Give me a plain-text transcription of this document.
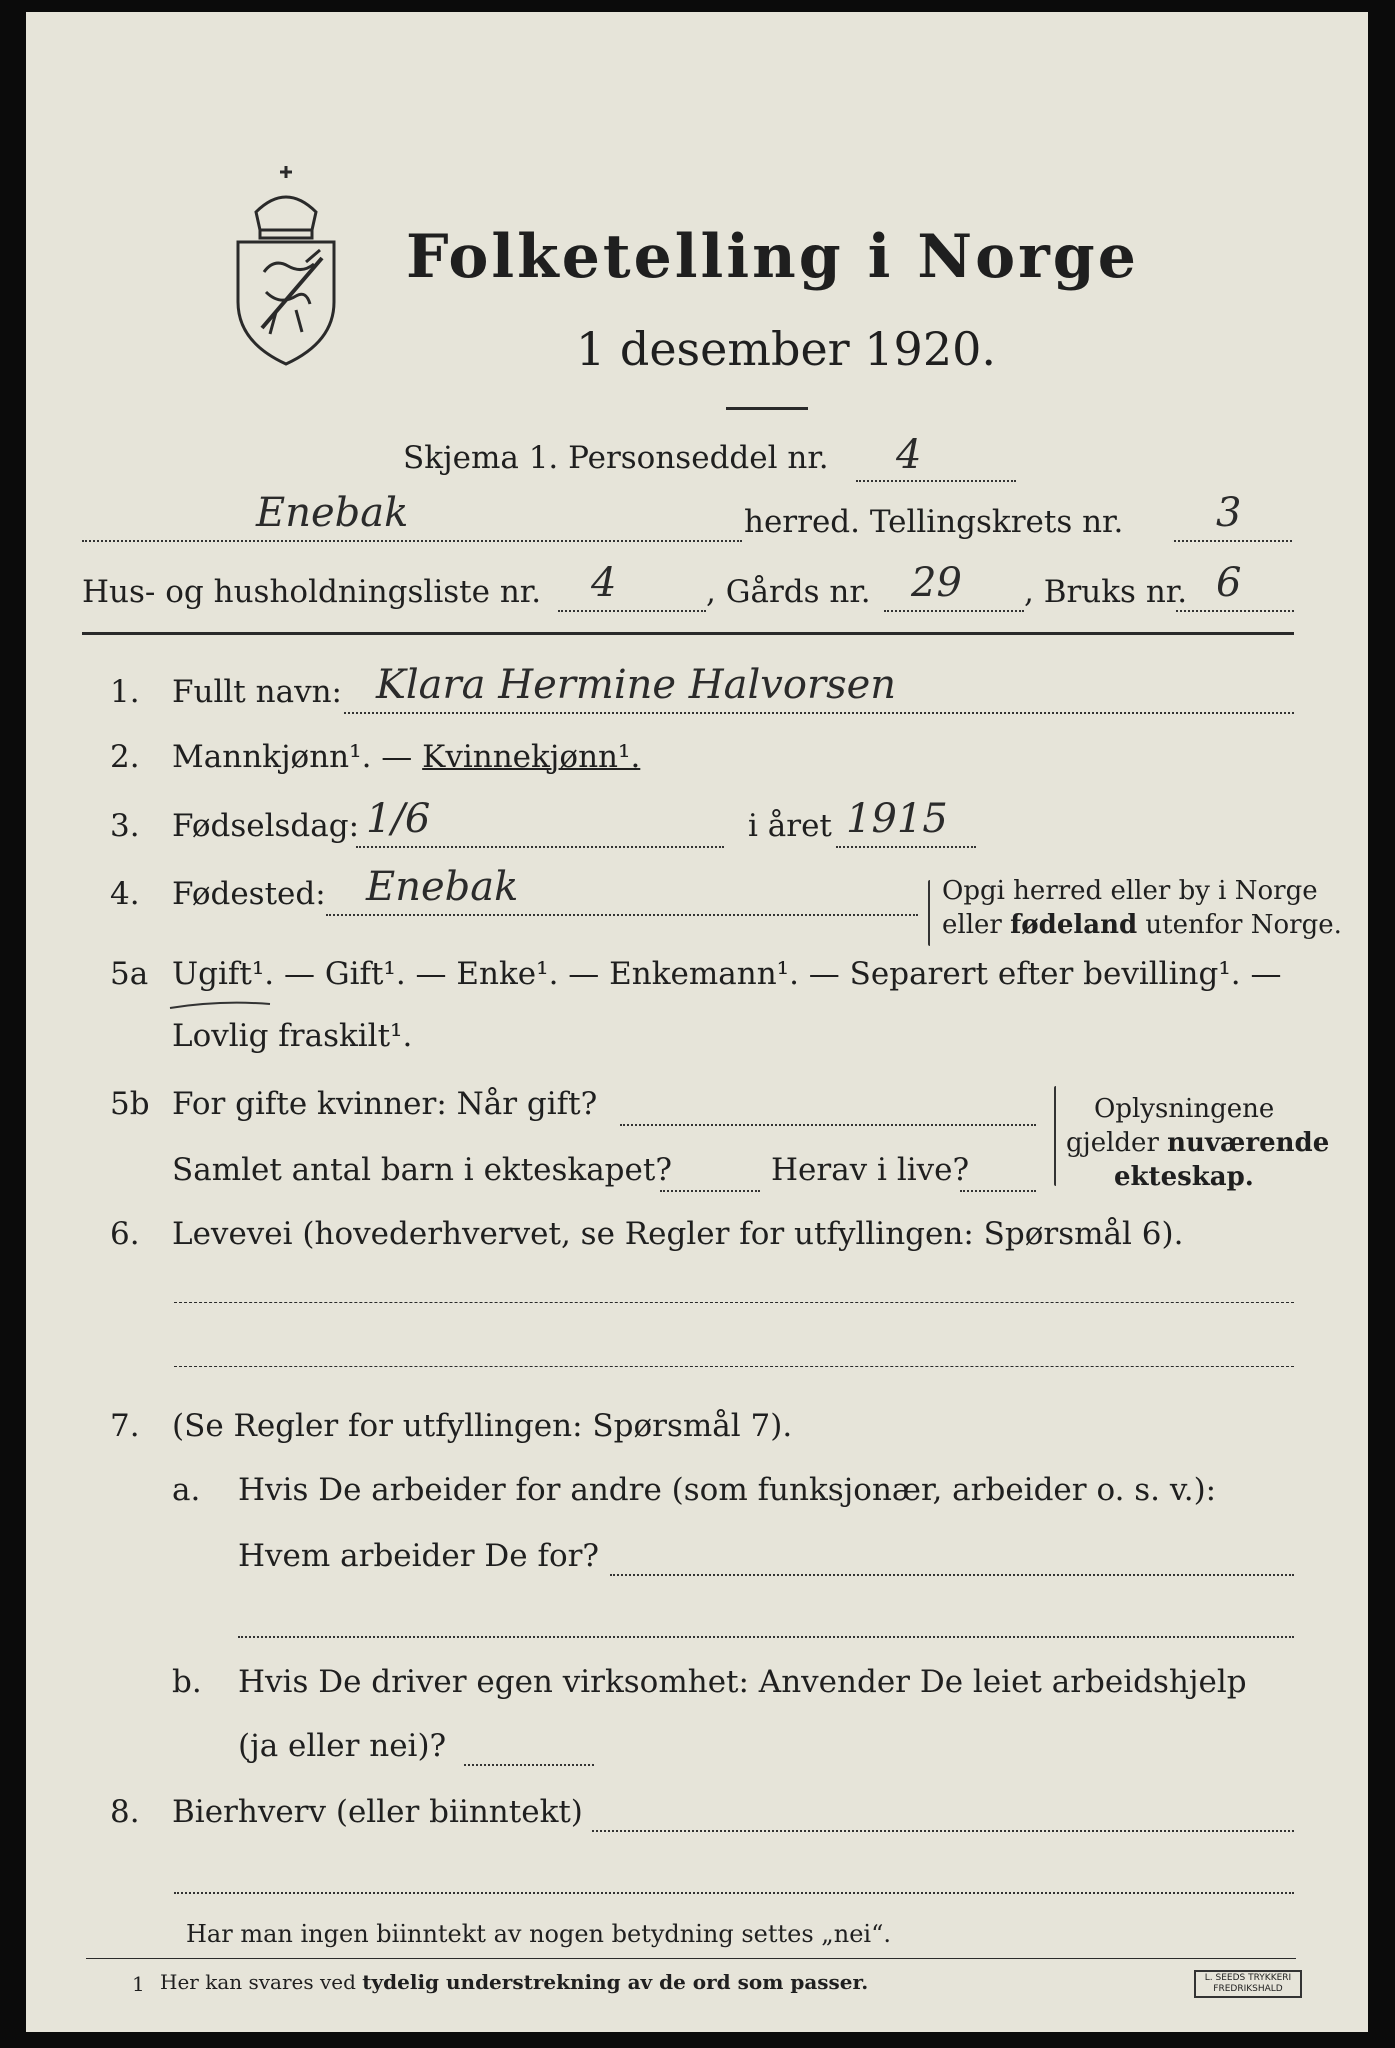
Folketelling i Norge
1 desember 1920.
Skjema 1. Personseddel nr. 4
Enebak	herred. Tellingskrets nr. 3
Hus- og husholdningsliste nr. 4	, Gårds nr. 29 , Bruks nr. 6
1. Fullt navn: Klara Hermine Halvorsen
2. Mannkjønn¹. — Kvinnekjønn¹.
3. Fødselsdag: 1/6	i året 1915
4. Fødested: Enebak	Opgi herred eller by i Norge
eller fødeland utenfor Norge.
5a Ugift¹. — Gift¹. — Enke¹. — Enkemann¹. — Separert efter bevilling¹. —
Lovlig fraskilt¹.
5b For gifte kvinner: Når gift?
Samlet antal barn i ekteskapet?	Herav i live?
Oplysningene
gjelder nuværende
ekteskap.
6. Levevei (hovederhvervet, se Regler for utfyllingen: Spørsmål 6).
7. (Se Regler for utfyllingen: Spørsmål 7).
a. Hvis De arbeider for andre (som funksjonær, arbeider o. s. v.):
Hvem arbeider De for?
b. Hvis De driver egen virksomhet: Anvender De leiet arbeidshjelp
(ja eller nei)?
8. Bierhverv (eller biinntekt)
Har man ingen biinntekt av nogen betydning settes „nei“.
1 Her kan svares ved tydelig understrekning av de ord som passer.	L. SEEDS TRYKKERI FREDRIKSHALD
